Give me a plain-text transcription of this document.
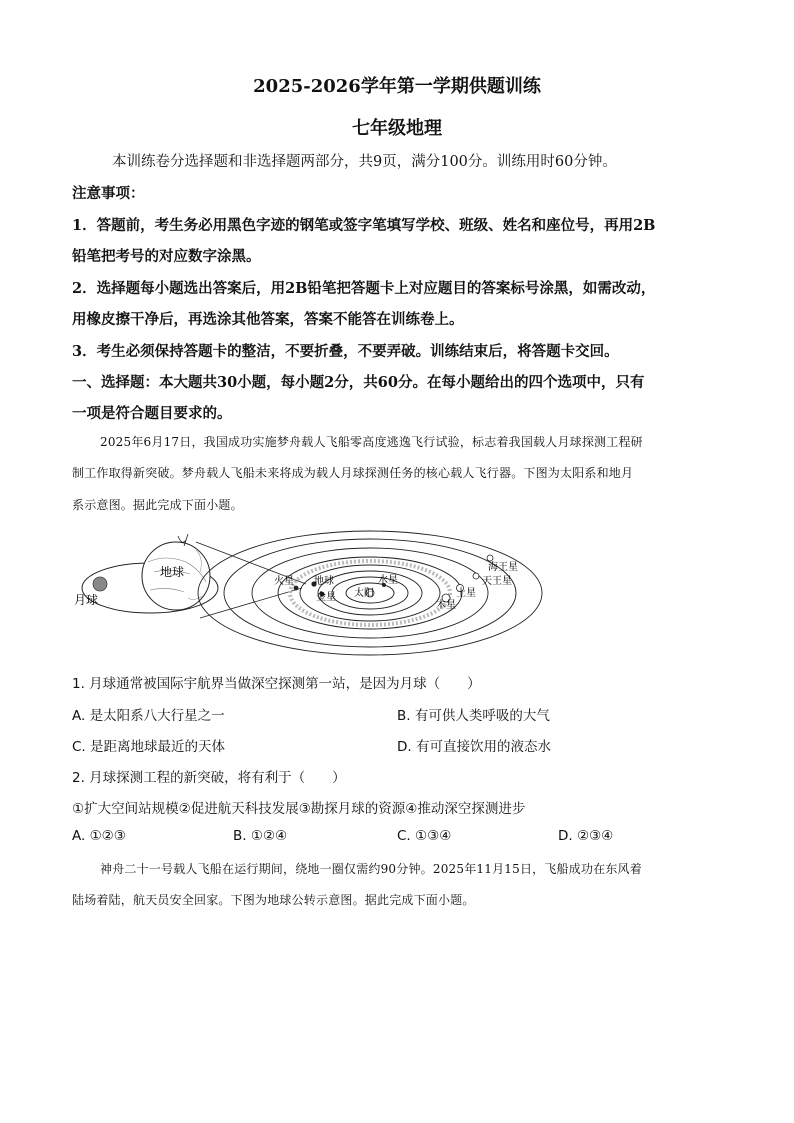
2025-2026学年第一学期供题训练
七年级地理
本训练卷分选择题和非选择题两部分，共9页，满分100分。训练用时60分钟。
注意事项：
1．答题前，考生务必用黑色字迹的钢笔或签字笔填写学校、班级、姓名和座位号，再用2B
铅笔把考号的对应数字涂黑。
2．选择题每小题选出答案后，用2B铅笔把答题卡上对应题目的答案标号涂黑，如需改动，
用橡皮擦干净后，再选涂其他答案，答案不能答在训练卷上。
3．考生必须保持答题卡的整洁，不要折叠，不要弄破。训练结束后，将答题卡交回。
一、选择题：本大题共30小题，每小题2分，共60分。在每小题给出的四个选项中，只有
一项是符合题目要求的。
2025年6月17日，我国成功实施梦舟载人飞船零高度逃逸飞行试验，标志着我国载人月球探测工程研
制工作取得新突破。梦舟载人飞船未来将成为载人月球探测任务的核心载人飞行器。下图为太阳系和地月
系示意图。据此完成下面小题。
月球
地球
太阳
水星
金星
地球
火星
木星
土星
天王星
海王星
1. 月球通常被国际宇航界当做深空探测第一站，是因为月球（　　）
A. 是太阳系八大行星之一	B. 有可供人类呼吸的大气
C. 是距离地球最近的天体	D. 有可直接饮用的液态水
2. 月球探测工程的新突破，将有利于（　　）
①扩大空间站规模②促进航天科技发展③勘探月球的资源④推动深空探测进步
A. ①②③	B. ①②④	C. ①③④	D. ②③④
神舟二十一号载人飞船在运行期间，绕地一圈仅需约90分钟。2025年11月15日，飞船成功在东风着
陆场着陆，航天员安全回家。下图为地球公转示意图。据此完成下面小题。
